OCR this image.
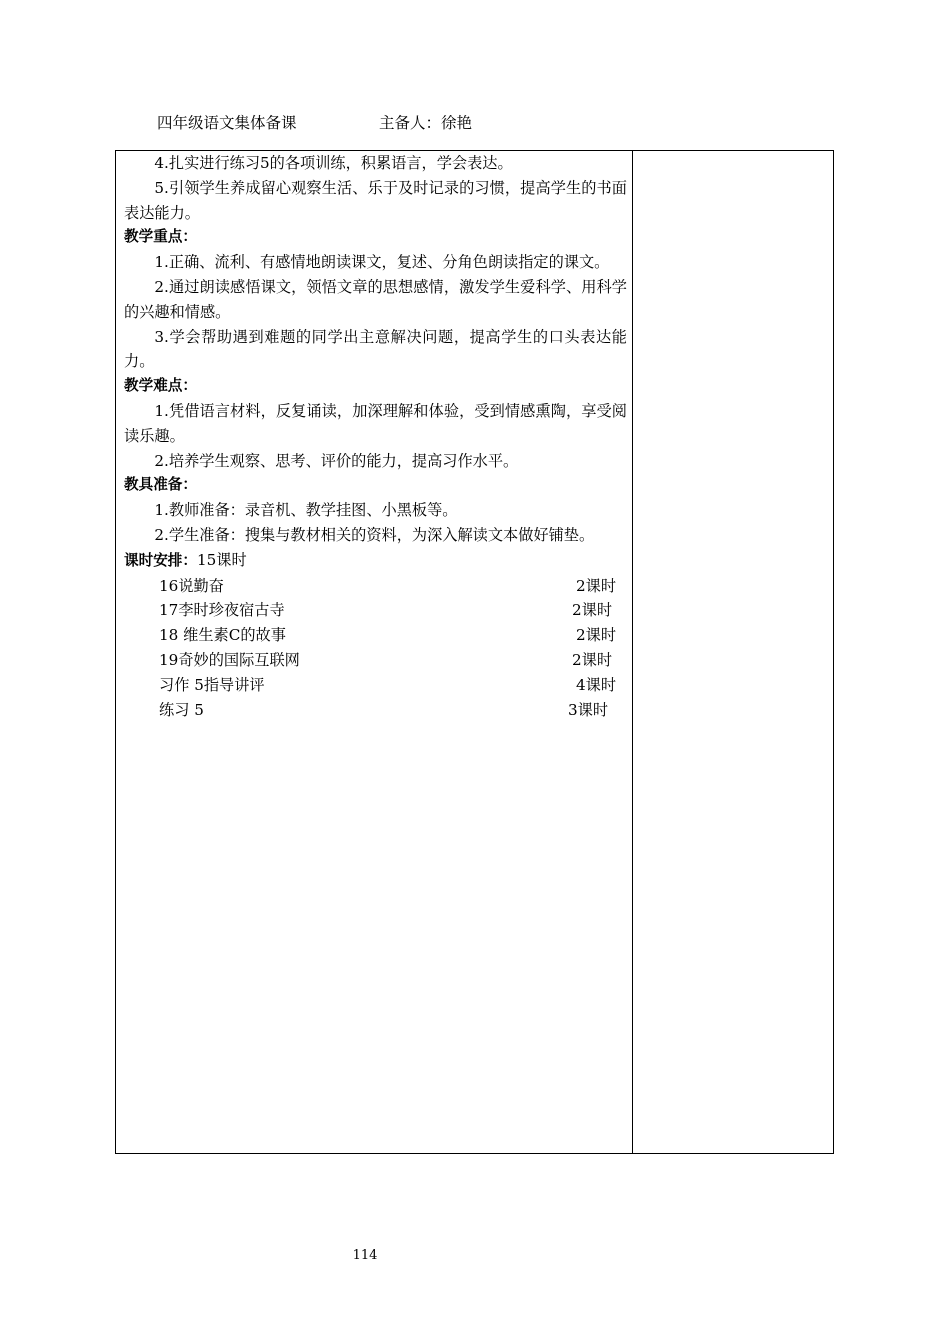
四年级语文集体备课	主备人：徐艳

4.扎实进行练习5的各项训练，积累语言，学会表达。

5.引领学生养成留心观察生活、乐于及时记录的习惯，提高学生的书面表达能力。

教学重点：

1.正确、流利、有感情地朗读课文，复述、分角色朗读指定的课文。

2.通过朗读感悟课文，领悟文章的思想感情，激发学生爱科学、用科学的兴趣和情感。

3.学会帮助遇到难题的同学出主意解决问题，提高学生的口头表达能力。

教学难点：

1.凭借语言材料，反复诵读，加深理解和体验，受到情感熏陶，享受阅读乐趣。

2.培养学生观察、思考、评价的能力，提高习作水平。

教具准备：

1.教师准备：录音机、教学挂图、小黑板等。

2.学生准备：搜集与教材相关的资料，为深入解读文本做好铺垫。

课时安排：15课时

16说勤奋	2课时
17李时珍夜宿古寺	2课时
18 维生素C的故事	2课时
19奇妙的国际互联网	2课时
习作 5指导讲评	4课时
练习 5	3课时
114
